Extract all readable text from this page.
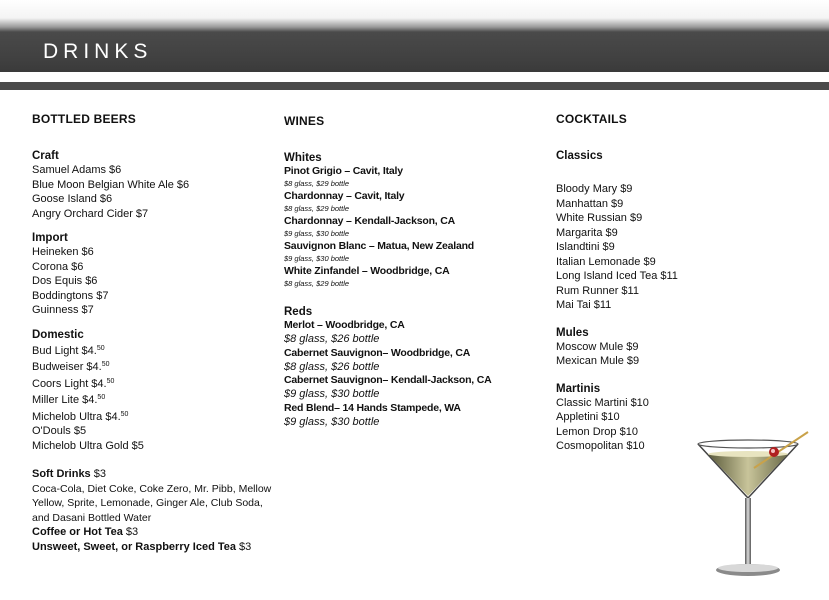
DRINKS
BOTTLED BEERS
Craft
Samuel Adams $6
Blue Moon Belgian White Ale $6
Goose Island $6
Angry Orchard Cider $7
Import
Heineken $6
Corona $6
Dos Equis $6
Boddingtons $7
Guinness $7
Domestic
Bud Light $4.50
Budweiser $4.50
Coors Light $4.50
Miller Lite $4.50
Michelob Ultra $4.50
O'Douls $5
Michelob Ultra Gold $5
Soft Drinks $3
Coca-Cola, Diet Coke, Coke Zero, Mr. Pibb, Mellow Yellow, Sprite, Lemonade, Ginger Ale, Club Soda, and Dasani Bottled Water
Coffee or Hot Tea $3
Unsweet, Sweet, or Raspberry Iced Tea $3
WINES
Whites
Pinot Grigio – Cavit, Italy
$8 glass, $29 bottle
Chardonnay – Cavit, Italy
$8 glass, $29 bottle
Chardonnay – Kendall-Jackson, CA
$9 glass, $30 bottle
Sauvignon Blanc – Matua, New Zealand
$9 glass, $30 bottle
White Zinfandel – Woodbridge, CA
$8 glass, $29 bottle
Reds
Merlot – Woodbridge, CA
$8 glass, $26 bottle
Cabernet Sauvignon– Woodbridge, CA
$8 glass, $26 bottle
Cabernet Sauvignon– Kendall-Jackson, CA
$9 glass, $30 bottle
Red Blend– 14 Hands Stampede, WA
$9 glass, $30 bottle
COCKTAILS
Classics
Bloody Mary $9
Manhattan $9
White Russian $9
Margarita $9
Islandtini $9
Italian Lemonade $9
Long Island Iced Tea $11
Rum Runner $11
Mai Tai $11
Mules
Moscow Mule $9
Mexican Mule $9
Martinis
Classic Martini $10
Appletini $10
Lemon Drop $10
Cosmopolitan $10
